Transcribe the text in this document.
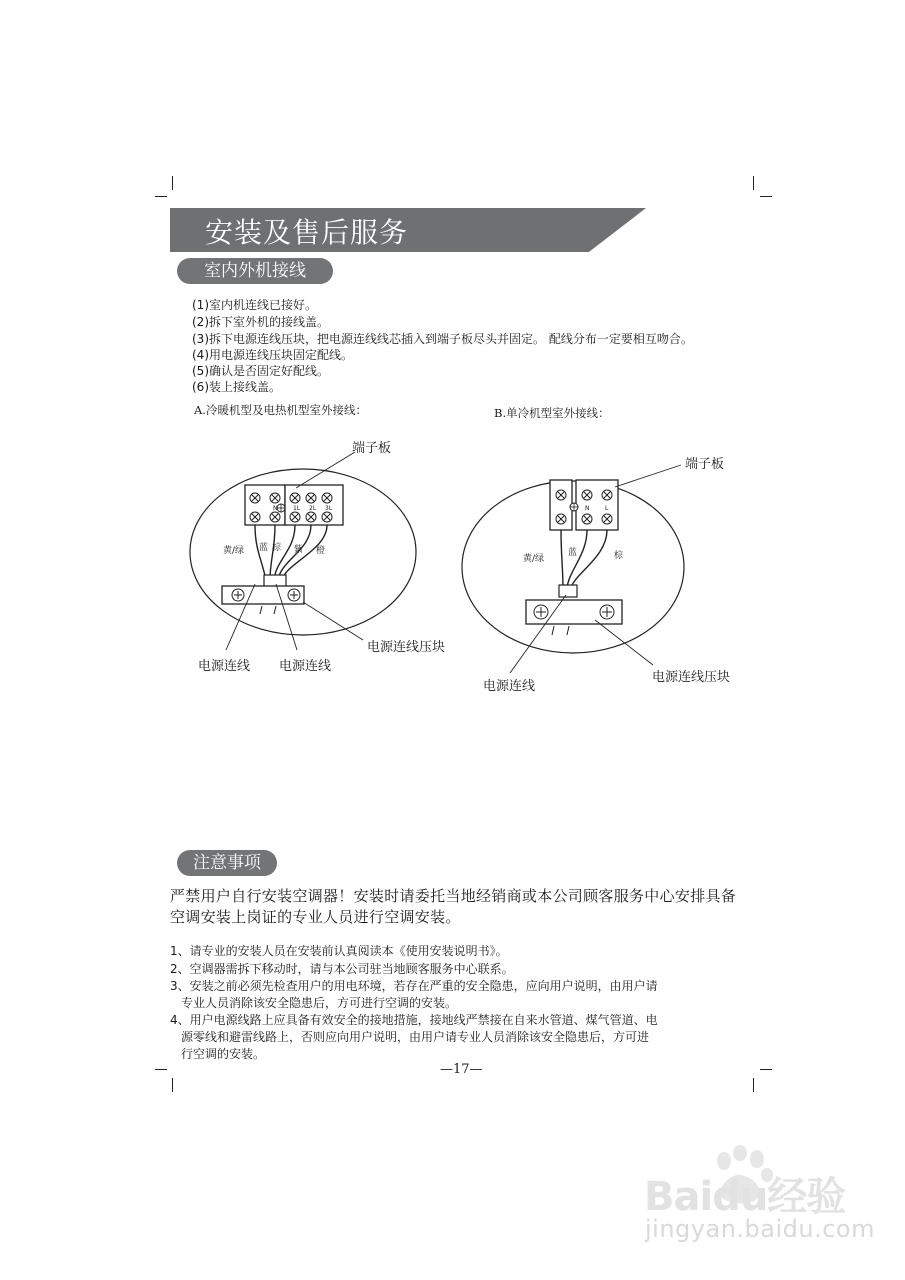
安装及售后服务
室内外机接线
(1)室内机连线已接好。
(2)拆下室外机的接线盖。
(3)拆下电源连线压块，把电源连线线芯插入到端子板尽头并固定。 配线分布一定要相互吻合。
(4)用电源连线压块固定配线。
(5)确认是否固定好配线。
(6)装上接线盖。
A.冷暖机型及电热机型室外接线：	B.单冷机型室外接线：
端子板
N	1L 2L 3L
黄/绿 蓝 棕 紫 橙
电源连线 电源连线
电源连线压块
端子板
N	L
黄/绿
蓝	棕
电源连线
电源连线压块
注意事项
严禁用户自行安装空调器！安装时请委托当地经销商或本公司顾客服务中心安排具备
空调安装上岗证的专业人员进行空调安装。
1、请专业的安装人员在安装前认真阅读本《使用安装说明书》。
2、空调器需拆下移动时，请与本公司驻当地顾客服务中心联系。
3、安装之前必须先检查用户的用电环境，若存在严重的安全隐患，应向用户说明，由用户请
专业人员消除该安全隐患后，方可进行空调的安装。
4、用户电源线路上应具备有效安全的接地措施，接地线严禁接在自来水管道、煤气管道、电
源零线和避雷线路上，否则应向用户说明，由用户请专业人员消除该安全隐患后，方可进
行空调的安装。
—17—
Baidu经验
jingyan.baidu.com
